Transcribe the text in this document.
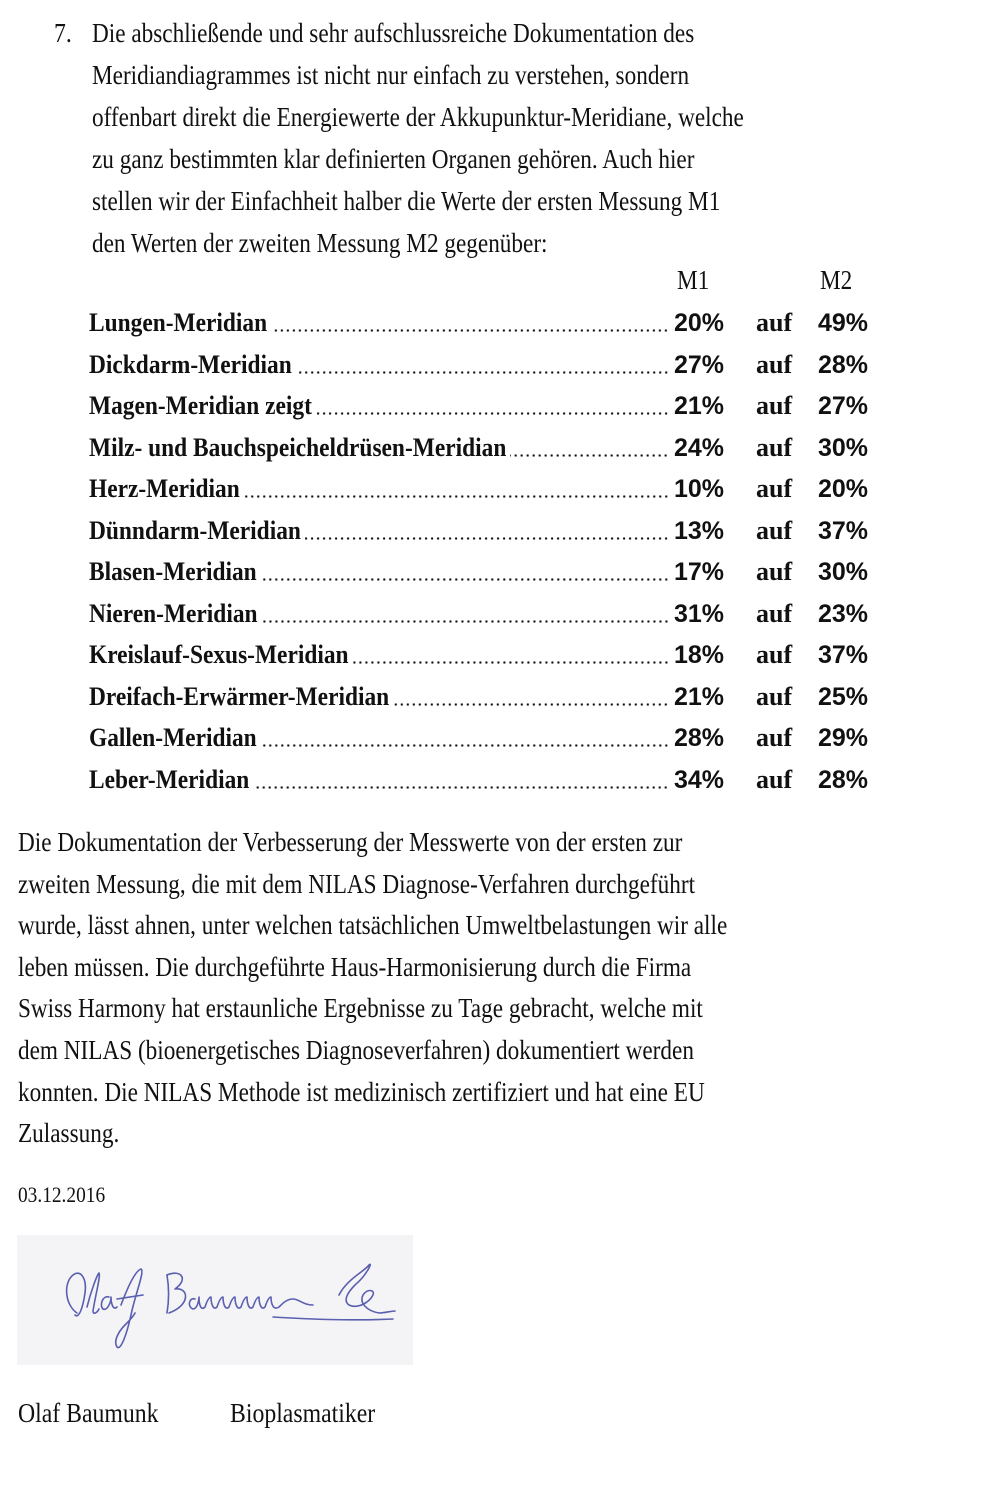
7. Die abschließende und sehr aufschlussreiche Dokumentation des
Meridiandiagrammes ist nicht nur einfach zu verstehen, sondern
offenbart direkt die Energiewerte der Akkupunktur-Meridiane, welche
zu ganz bestimmten klar definierten Organen gehören. Auch hier
stellen wir der Einfachheit halber die Werte der ersten Messung M1
den Werten der zweiten Messung M2 gegenüber:
M1	M2
Lungen-Meridian	20% auf 49%
Dickdarm-Meridian	27% auf 28%
Magen-Meridian zeigt	21% auf 27%
Milz- und Bauchspeicheldrüsen-Meridian	24% auf 30%
Herz-Meridian	10% auf 20%
Dünndarm-Meridian	13% auf 37%
Blasen-Meridian	17% auf 30%
Nieren-Meridian	31% auf 23%
Kreislauf-Sexus-Meridian	18% auf 37%
Dreifach-Erwärmer-Meridian	21% auf 25%
Gallen-Meridian	28% auf 29%
Leber-Meridian	34% auf 28%
Die Dokumentation der Verbesserung der Messwerte von der ersten zur
zweiten Messung, die mit dem NILAS Diagnose-Verfahren durchgeführt
wurde, lässt ahnen, unter welchen tatsächlichen Umweltbelastungen wir alle
leben müssen. Die durchgeführte Haus-Harmonisierung durch die Firma
Swiss Harmony hat erstaunliche Ergebnisse zu Tage gebracht, welche mit
dem NILAS (bioenergetisches Diagnoseverfahren) dokumentiert werden
konnten. Die NILAS Methode ist medizinisch zertifiziert und hat eine EU
Zulassung.
03.12.2016
Olaf Baumunk	Bioplasmatiker
